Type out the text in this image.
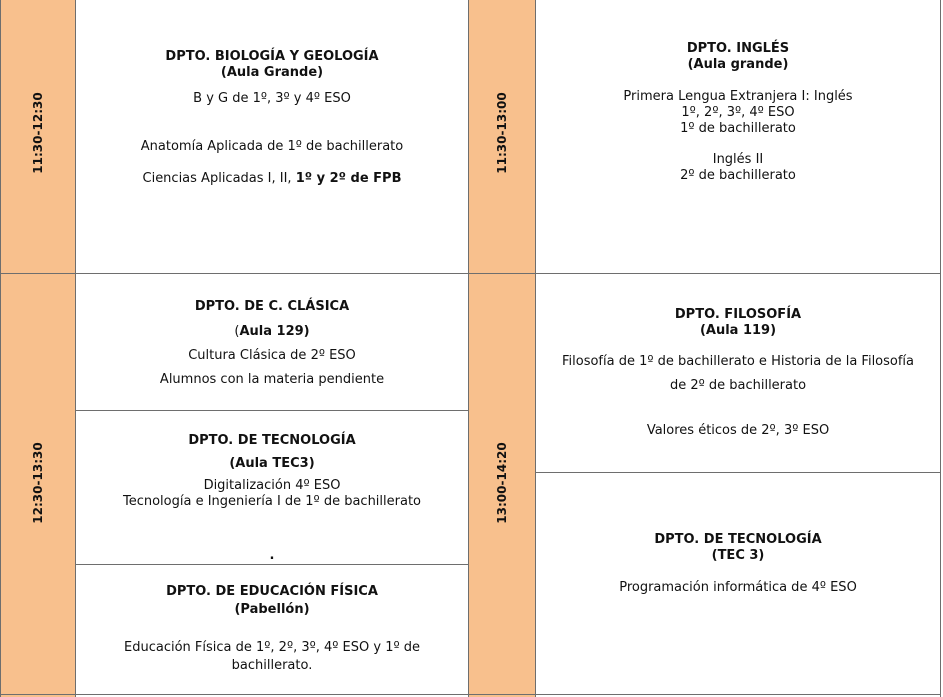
11:30-12:30	11:30-13:00
12:30-13:30	13:00-14:20

DPTO. BIOLOGÍA Y GEOLOGÍA

(Aula Grande)

B y G de 1º, 3º y 4º ESO

Anatomía Aplicada de 1º de bachillerato

Ciencias Aplicadas I, II, 1º y 2º de FPB

DPTO. INGLÉS

(Aula grande)

Primera Lengua Extranjera I: Inglés

1º, 2º, 3º, 4º ESO

1º de bachillerato

Inglés II

2º de bachillerato

DPTO. DE C. CLÁSICA

(Aula 129)

Cultura Clásica de 2º ESO

Alumnos con la materia pendiente

DPTO. DE TECNOLOGÍA

(Aula TEC3)

Digitalización 4º ESO

Tecnología e Ingeniería I de 1º de bachillerato

.

DPTO. DE EDUCACIÓN FÍSICA

(Pabellón)

Educación Física de 1º, 2º, 3º, 4º ESO y 1º de

bachillerato.

DPTO. FILOSOFÍA

(Aula 119)

Filosofía de 1º de bachillerato e Historia de la Filosofía

de 2º de bachillerato

Valores éticos de 2º, 3º ESO

DPTO. DE TECNOLOGÍA

(TEC 3)

Programación informática de 4º ESO
